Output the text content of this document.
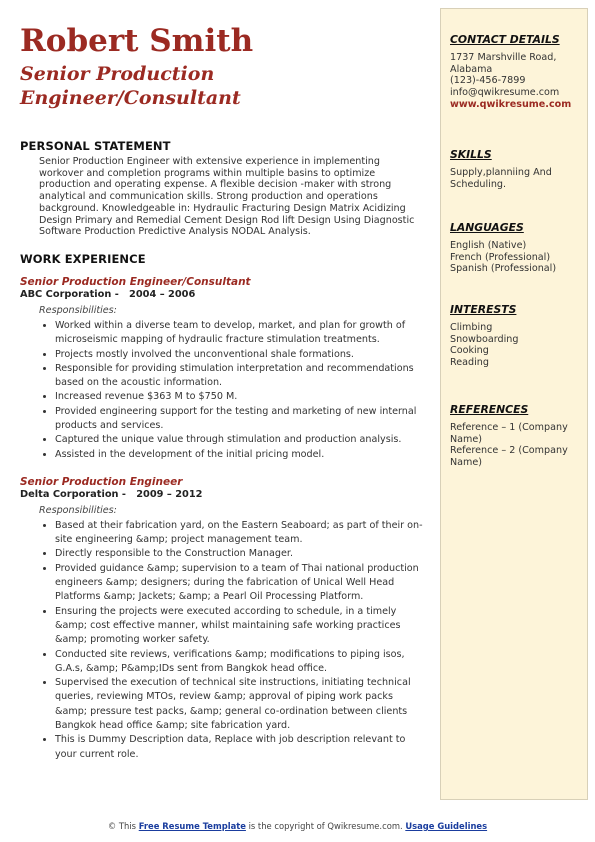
Robert Smith
Senior Production Engineer/Consultant
PERSONAL STATEMENT

Senior Production Engineer with extensive experience in implementing workover and completion programs within multiple basins to optimize production and operating expense. A flexible decision -maker with strong analytical and communication skills. Strong production and operations background. Knowledgeable in: Hydraulic Fracturing Design Matrix Acidizing Design Primary and Remedial Cement Design Rod lift Design Using Diagnostic Software Production Predictive Analysis NODAL Analysis.

WORK EXPERIENCE

Senior Production Engineer/Consultant

ABC Corporation -   2004 – 2006

Responsibilities:

• Worked within a diverse team to develop, market, and plan for growth of microseismic mapping of hydraulic fracture stimulation treatments.
• Projects mostly involved the unconventional shale formations.
• Responsible for providing stimulation interpretation and recommendations based on the acoustic information.
• Increased revenue $363 M to $750 M.
• Provided engineering support for the testing and marketing of new internal products and services.
• Captured the unique value through stimulation and production analysis.
• Assisted in the development of the initial pricing model.

Senior Production Engineer

Delta Corporation -   2009 – 2012

Responsibilities:

• Based at their fabrication yard, on the Eastern Seaboard; as part of their on-site engineering &amp; project management team.
• Directly responsible to the Construction Manager.
• Provided guidance &amp; supervision to a team of Thai national production engineers &amp; designers; during the fabrication of Unical Well Head Platforms &amp; Jackets; &amp; a Pearl Oil Processing Platform.
• Ensuring the projects were executed according to schedule, in a timely &amp; cost effective manner, whilst maintaining safe working practices &amp; promoting worker safety.
• Conducted site reviews, verifications &amp; modifications to piping isos, G.A.s, &amp; P&amp;IDs sent from Bangkok head office.
• Supervised the execution of technical site instructions, initiating technical queries, reviewing MTOs, review &amp; approval of piping work packs &amp; pressure test packs, &amp; general co-ordination between clients Bangkok head office &amp; site fabrication yard.
• This is Dummy Description data, Replace with job description relevant to your current role.

CONTACT DETAILS

1737 Marshville Road,

Alabama

(123)-456-7899

info@qwikresume.com

www.qwikresume.com

SKILLS

Supply,planniing And Scheduling.

LANGUAGES

English (Native)

French (Professional)

Spanish (Professional)

INTERESTS

Climbing

Snowboarding

Cooking

Reading

REFERENCES

Reference – 1 (Company Name)

Reference – 2 (Company Name)

© This Free Resume Template is the copyright of Qwikresume.com. Usage Guidelines
